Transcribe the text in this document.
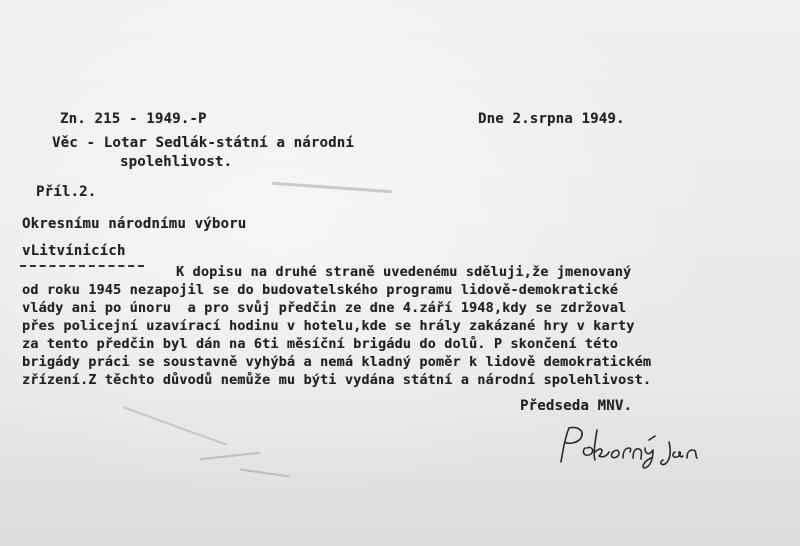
Zn. 215 - 1949.-P	Dne 2.srpna 1949.
Věc - Lotar Sedlák-státní a národní
spolehlivost.
Příl.2.
Okresnímu národnímu výboru
vLitvínicích
K dopisu na druhé straně uvedenému sděluji,že jmenovaný
od roku 1945 nezapojil se do budovatelského programu lidově-demokratické
vlády ani po únoru  a pro svůj předčin ze dne 4.září 1948,kdy se zdržoval
přes policejní uzavírací hodinu v hotelu,kde se hrály zakázané hry v karty
za tento předčin byl dán na 6ti měsíční brigádu do dolů. P skončení této
brigády práci se soustavně vyhýbá a nemá kladný poměr k lidově demokratickém
zřízení.Z těchto důvodů nemůže mu býti vydána státní a národní spolehlivost.
Předseda MNV.
